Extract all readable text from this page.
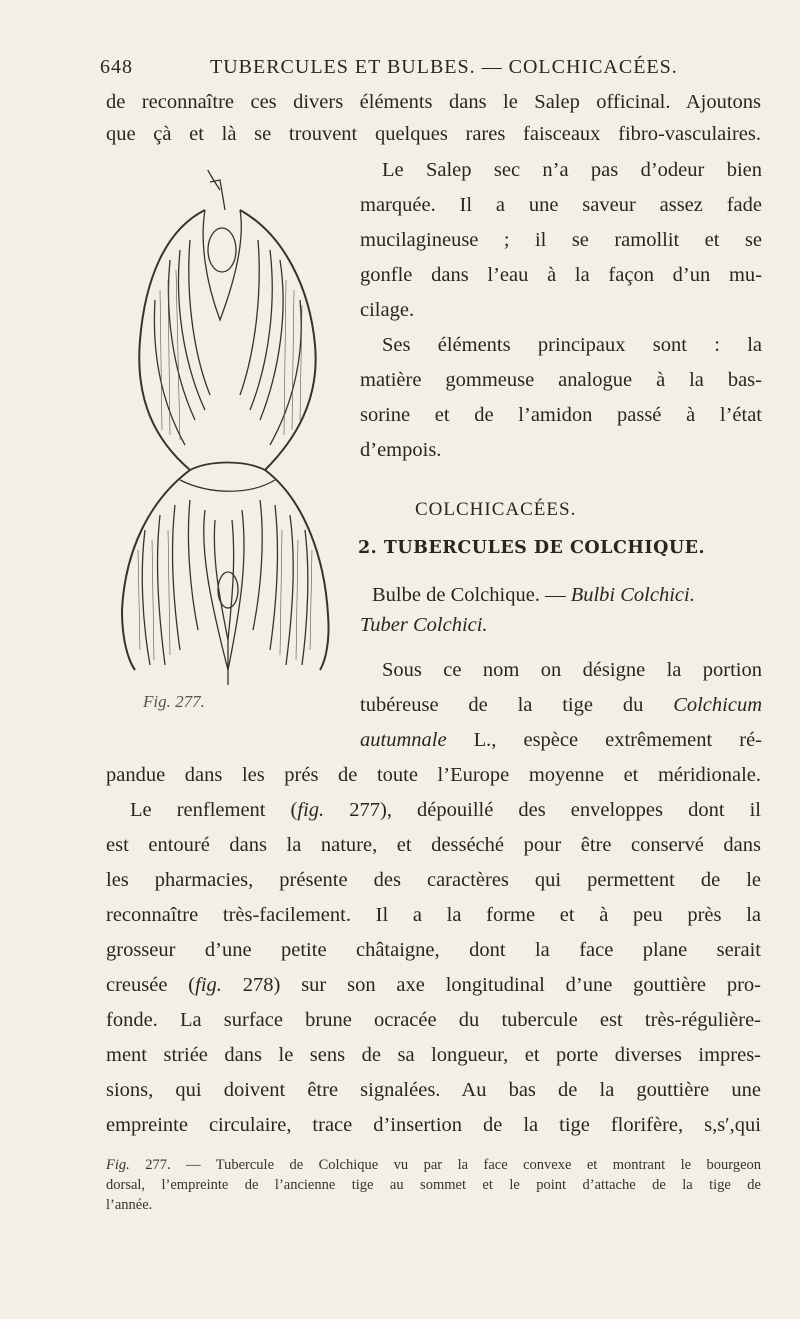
648	TUBERCULES ET BULBES. — COLCHICACÉES.
de reconnaître ces divers éléments dans le Salep officinal. Ajoutons
que çà et là se trouvent quelques rares faisceaux fibro-vasculaires.
Le Salep sec n’a pas d’odeur bien
marquée. Il a une saveur assez fade
mucilagineuse ; il se ramollit et se
gonfle dans l’eau à la façon d’un mu-
cilage.
Ses éléments principaux sont : la
matière gommeuse analogue à la bas-
sorine et de l’amidon passé à l’état
d’empois.
COLCHICACÉES.
2. TUBERCULES DE COLCHIQUE.
Bulbe de Colchique. — Bulbi Colchici.
Tuber Colchici.
Sous ce nom on désigne la portion
tubéreuse de la tige du Colchicum
autumnale L., espèce extrêmement ré-
pandue dans les prés de toute l’Europe moyenne et méridionale.
Le renflement (fig. 277), dépouillé des enveloppes dont il
est entouré dans la nature, et desséché pour être conservé dans
les pharmacies, présente des caractères qui permettent de le
reconnaître très-facilement. Il a la forme et à peu près la
grosseur d’une petite châtaigne, dont la face plane serait
creusée (fig. 278) sur son axe longitudinal d’une gouttière pro-
fonde. La surface brune ocracée du tubercule est très-régulière-
ment striée dans le sens de sa longueur, et porte diverses impres-
sions, qui doivent être signalées. Au bas de la gouttière une
empreinte circulaire, trace d’insertion de la tige florifère, s,s′,qui
Fig. 277.
Fig. 277. — Tubercule de Colchique vu par la face convexe et montrant le bourgeon
dorsal, l’empreinte de l’ancienne tige au sommet et le point d’attache de la tige de
l’année.
